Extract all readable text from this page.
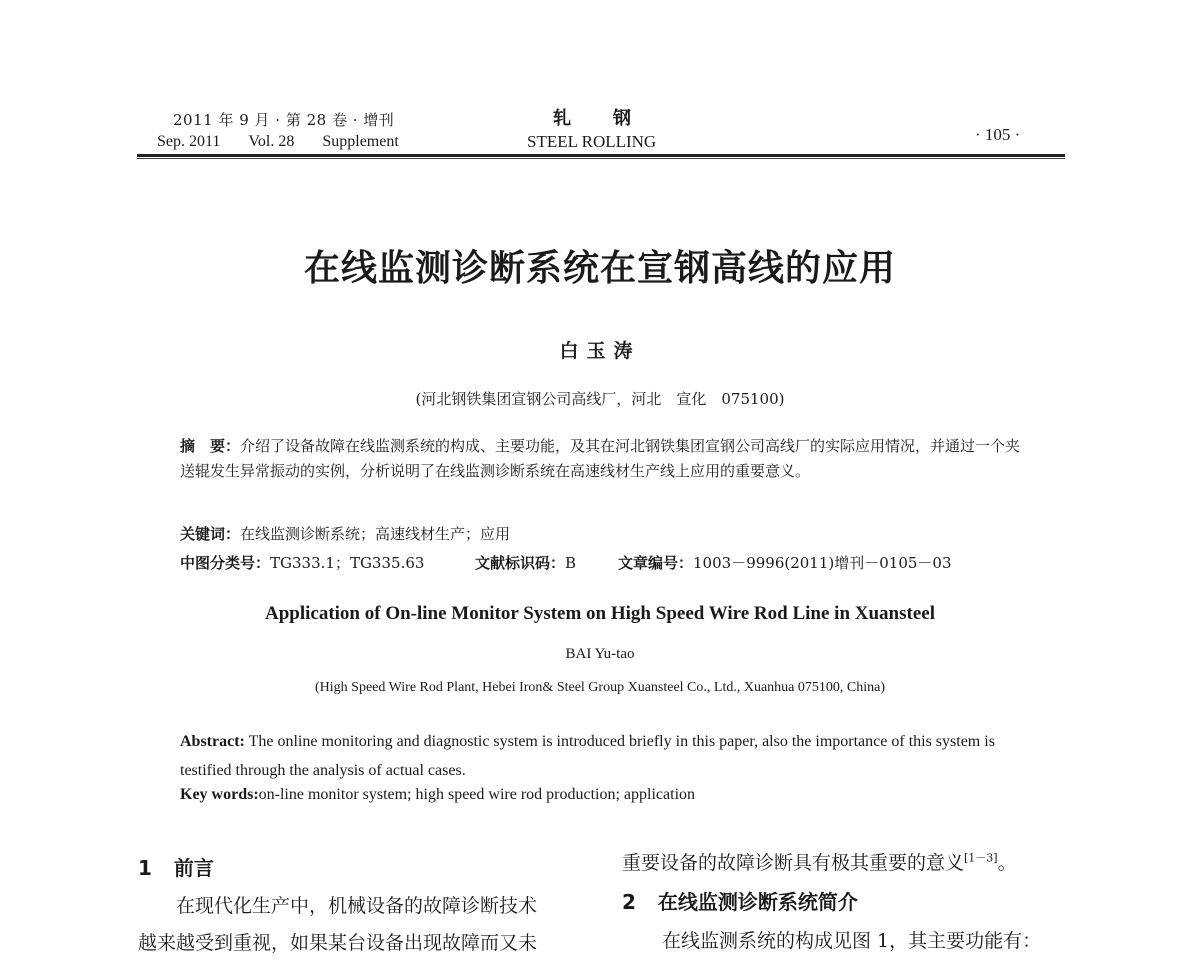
2011 年 9 月 · 第 28 卷 · 增刊
Sep. 2011 Vol. 28 Supplement
轧钢
STEEL ROLLING	· 105 ·
在线监测诊断系统在宣钢高线的应用
白玉涛
(河北钢铁集团宣钢公司高线厂，河北　宣化　075100)
摘　要：介绍了设备故障在线监测系统的构成、主要功能，及其在河北钢铁集团宣钢公司高线厂的实际应用情况，并通过一个夹送辊发生异常振动的实例，分析说明了在线监测诊断系统在高速线材生产线上应用的重要意义。
关键词：在线监测诊断系统；高速线材生产；应用
中图分类号：TG333.1；TG335.63	文献标识码：B	文章编号：1003－9996(2011)增刊－0105－03
Application of On-line Monitor System on High Speed Wire Rod Line in Xuansteel
BAI Yu-tao
(High Speed Wire Rod Plant, Hebei Iron& Steel Group Xuansteel Co., Ltd., Xuanhua 075100, China)
Abstract: The online monitoring and diagnostic system is introduced briefly in this paper, also the importance of this system is testified through the analysis of actual cases.
Key words:on-line monitor system; high speed wire rod production; application
1 前言
在现代化生产中，机械设备的故障诊断技术
越来越受到重视，如果某台设备出现故障而又未
重要设备的故障诊断具有极其重要的意义[1－3]。
2 在线监测诊断系统简介
在线监测系统的构成见图 1，其主要功能有：
